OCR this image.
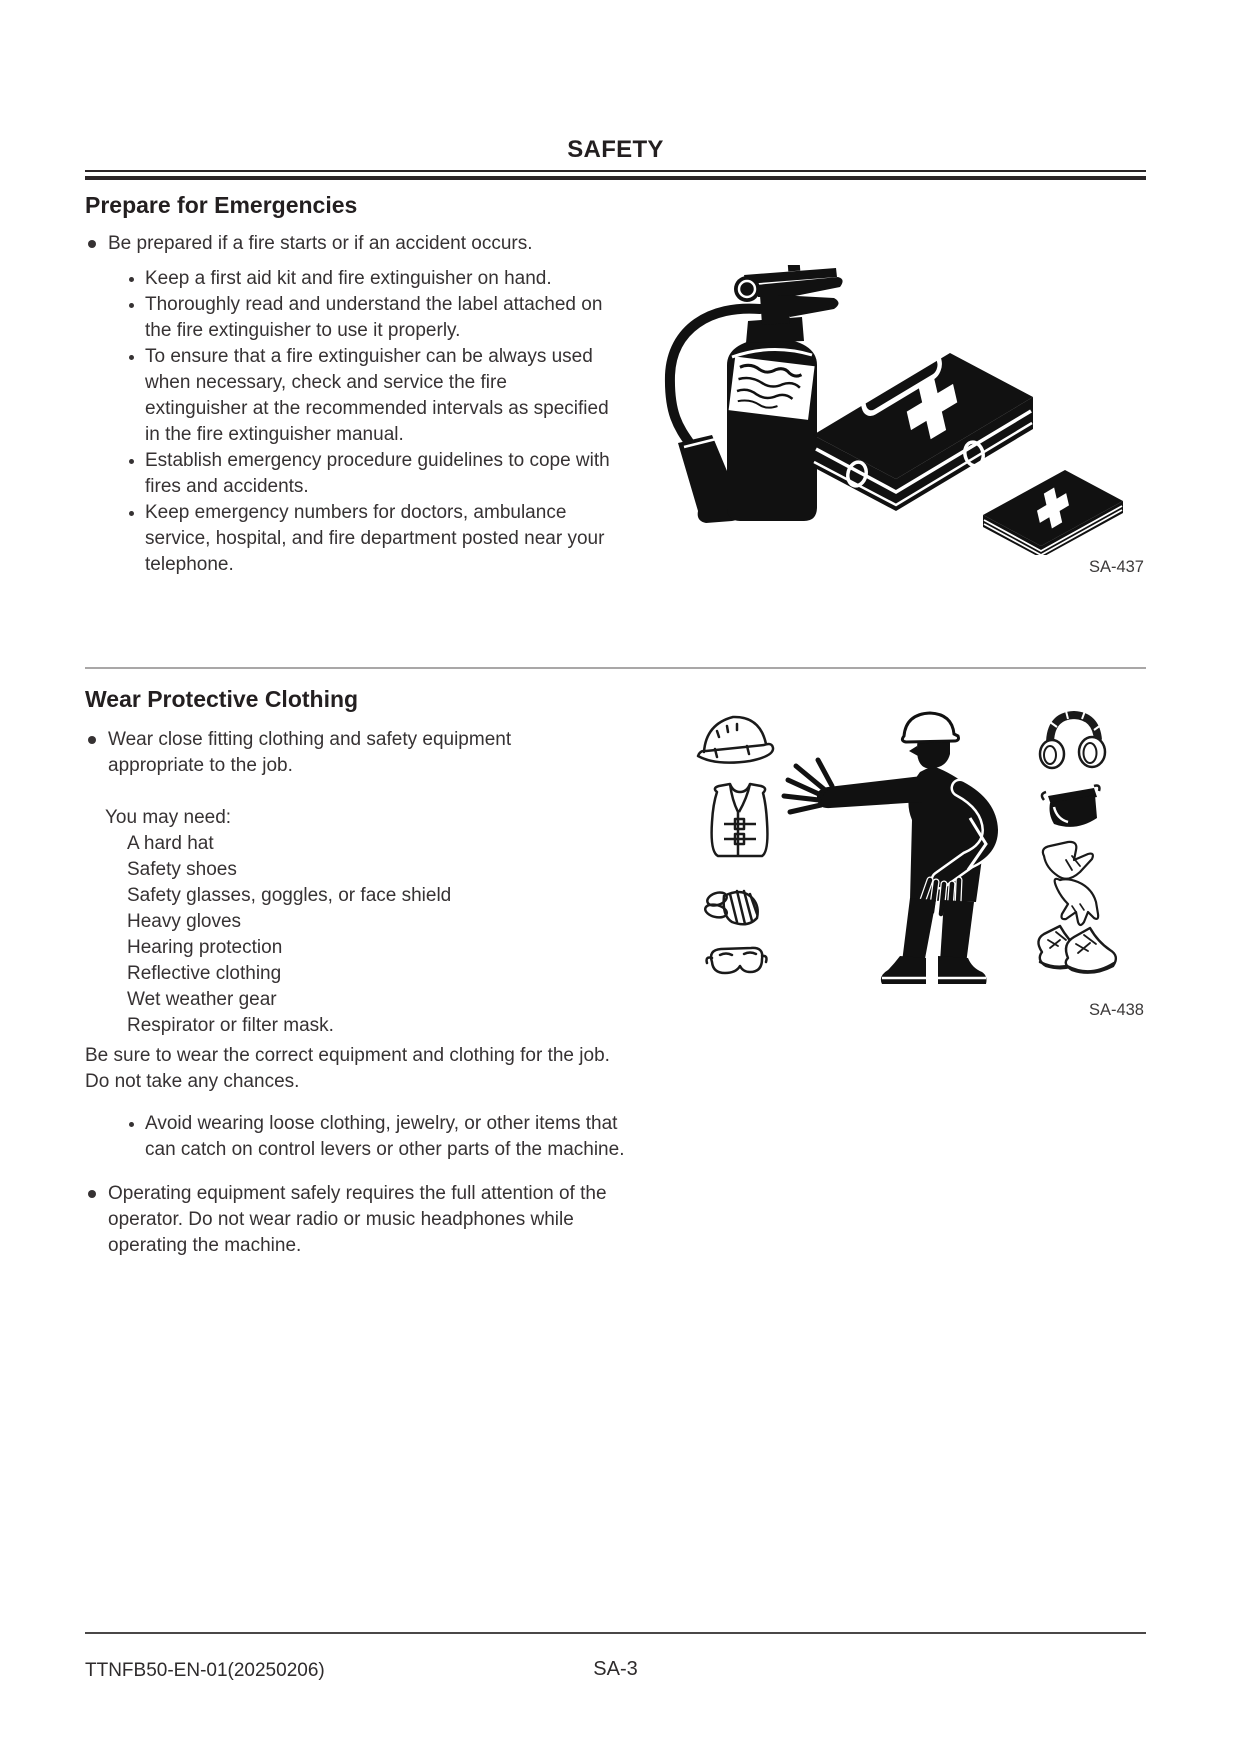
SAFETY
Prepare for Emergencies
Be prepared if a fire starts or if an accident occurs.
Keep a first aid kit and fire extinguisher on hand.
Thoroughly read and understand the label attached on the fire extinguisher to use it properly.
To ensure that a fire extinguisher can be always used when necessary, check and service the fire extinguisher at the recommended intervals as specified in the fire extinguisher manual.
Establish emergency procedure guidelines to cope with fires and accidents.
Keep emergency numbers for doctors, ambulance service, hospital, and fire department posted near your telephone.	SA-437
Wear Protective Clothing
Wear close fitting clothing and safety equipment appropriate to the job.
You may need:
A hard hat
Safety shoes
Safety glasses, goggles, or face shield
Heavy gloves
Hearing protection
Reflective clothing
Wet weather gear
Respirator or filter mask.

Be sure to wear the correct equipment and clothing for the job. Do not take any chances.

Avoid wearing loose clothing, jewelry, or other items that can catch on control levers or other parts of the machine.
Operating equipment safely requires the full attention of the operator. Do not wear radio or music headphones while operating the machine.
SA-438
TTNFB50-EN-01(20250206)	SA-3
